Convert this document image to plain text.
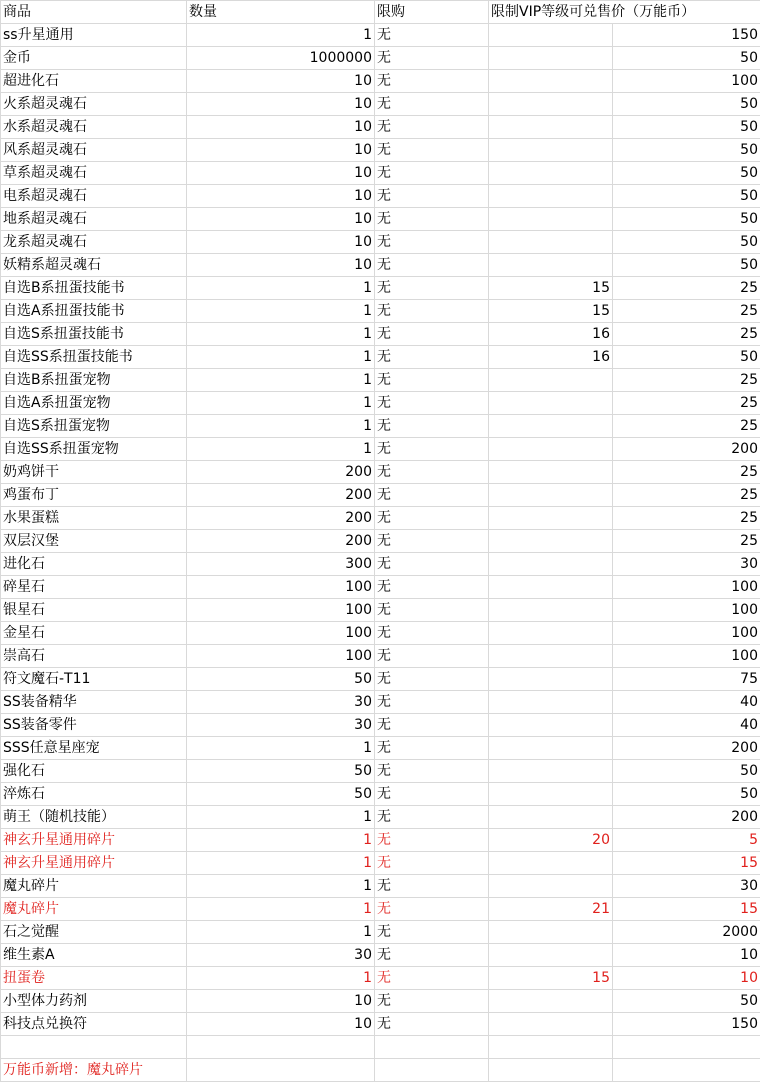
商品	数量	限购	限制VIP等级可兑售价（万能币）	
ss升星通用	1	无		150
金币	1000000	无		50
超进化石	10	无		100
火系超灵魂石	10	无		50
水系超灵魂石	10	无		50
风系超灵魂石	10	无		50
草系超灵魂石	10	无		50
电系超灵魂石	10	无		50
地系超灵魂石	10	无		50
龙系超灵魂石	10	无		50
妖精系超灵魂石	10	无		50
自选B系扭蛋技能书	1	无	15	25
自选A系扭蛋技能书	1	无	15	25
自选S系扭蛋技能书	1	无	16	25
自选SS系扭蛋技能书	1	无	16	50
自选B系扭蛋宠物	1	无		25
自选A系扭蛋宠物	1	无		25
自选S系扭蛋宠物	1	无		25
自选SS系扭蛋宠物	1	无		200
奶鸡饼干	200	无		25
鸡蛋布丁	200	无		25
水果蛋糕	200	无		25
双层汉堡	200	无		25
进化石	300	无		30
碎星石	100	无		100
银星石	100	无		100
金星石	100	无		100
崇高石	100	无		100
符文魔石-T11	50	无		75
SS装备精华	30	无		40
SS装备零件	30	无		40
SSS任意星座宠	1	无		200
强化石	50	无		50
淬炼石	50	无		50
萌王（随机技能）	1	无		200
神玄升星通用碎片	1	无	20	5
神玄升星通用碎片	1	无		15
魔丸碎片	1	无		30
魔丸碎片	1	无	21	15
石之觉醒	1	无		2000
维生素A	30	无		10
扭蛋卷	1	无	15	10
小型体力药剂	10	无		50
科技点兑换符	10	无		150

万能币新增：魔丸碎片				
